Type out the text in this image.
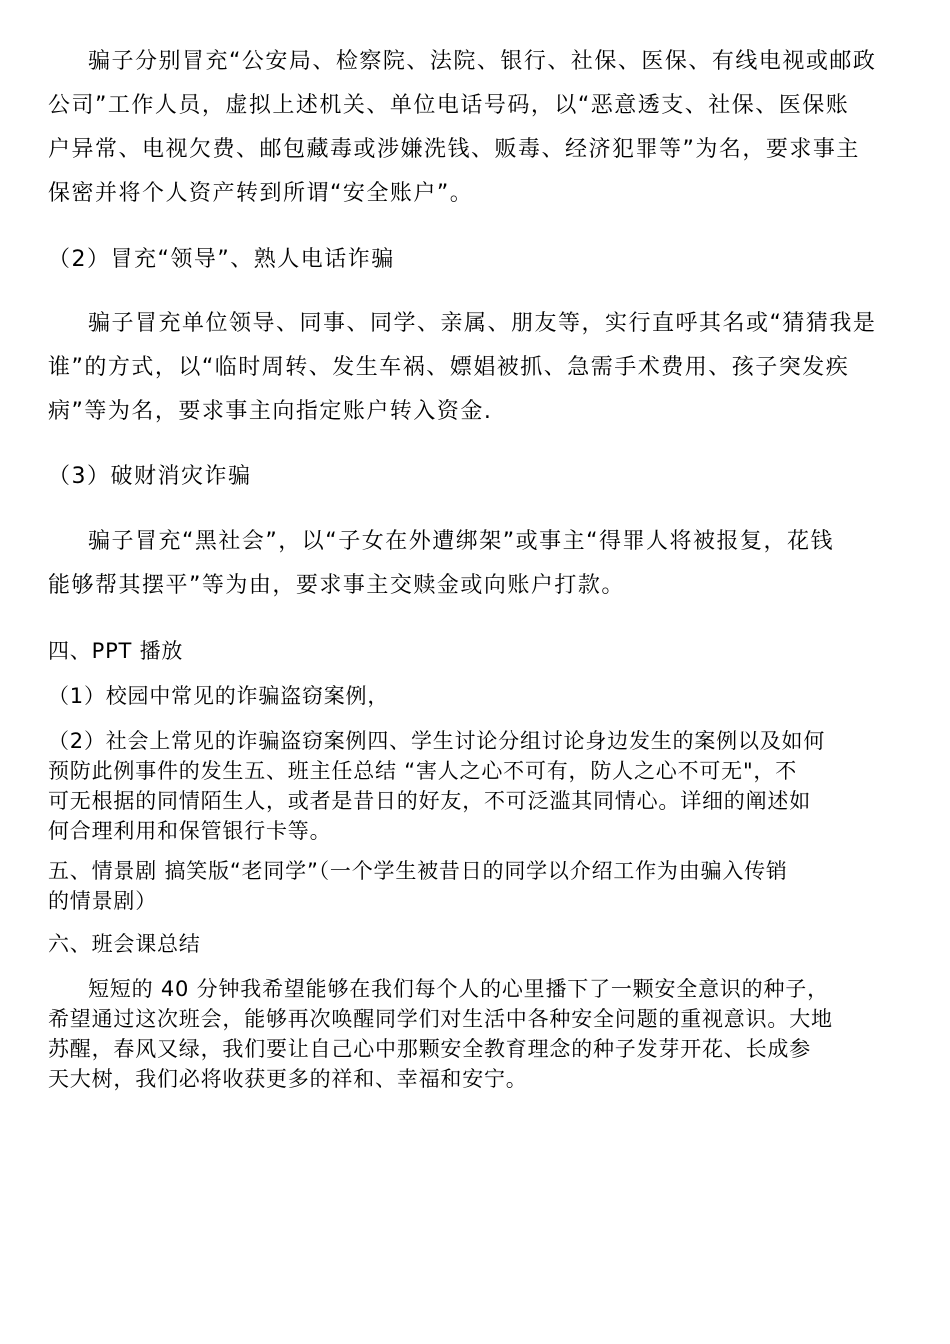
骗子分别冒充“公安局、检察院、法院、银行、社保、医保、有线电视或邮政
公司”工作人员，虚拟上述机关、单位电话号码，以“恶意透支、社保、医保账
户异常、电视欠费、邮包藏毒或涉嫌洗钱、贩毒、经济犯罪等”为名，要求事主
保密并将个人资产转到所谓“安全账户”。

（2）冒充“领导”、熟人电话诈骗

骗子冒充单位领导、同事、同学、亲属、朋友等，实行直呼其名或“猜猜我是
谁”的方式，以“临时周转、发生车祸、嫖娼被抓、急需手术费用、孩子突发疾
病”等为名，要求事主向指定账户转入资金.

（3）破财消灾诈骗

骗子冒充“黑社会”，以“子女在外遭绑架”或事主“得罪人将被报复，花钱
能够帮其摆平”等为由，要求事主交赎金或向账户打款。

四、PPT 播放

（1）校园中常见的诈骗盗窃案例，

（2）社会上常见的诈骗盗窃案例四、学生讨论分组讨论身边发生的案例以及如何
预防此例事件的发生五、班主任总结 “害人之心不可有，防人之心不可无"，不
可无根据的同情陌生人，或者是昔日的好友，不可泛滥其同情心。详细的阐述如
何合理利用和保管银行卡等。

五、情景剧 搞笑版“老同学”（一个学生被昔日的同学以介绍工作为由骗入传销
的情景剧）

六、班会课总结

短短的 40 分钟我希望能够在我们每个人的心里播下了一颗安全意识的种子，
希望通过这次班会，能够再次唤醒同学们对生活中各种安全问题的重视意识。大地
苏醒，春风又绿，我们要让自己心中那颗安全教育理念的种子发芽开花、长成参
天大树，我们必将收获更多的祥和、幸福和安宁。
